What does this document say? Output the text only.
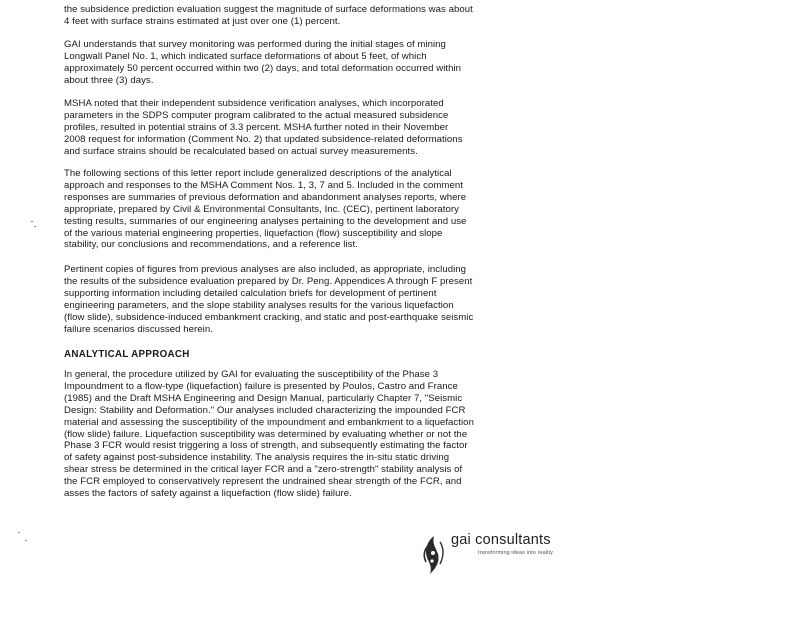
the subsidence prediction evaluation suggest the magnitude of surface deformations was about
4 feet with surface strains estimated at just over one (1) percent.
GAI understands that survey monitoring was performed during the initial stages of mining
Longwall Panel No. 1, which indicated surface deformations of about 5 feet, of which
approximately 50 percent occurred within two (2) days, and total deformation occurred within
about three (3) days.
MSHA noted that their independent subsidence verification analyses, which incorporated
parameters in the SDPS computer program calibrated to the actual measured subsidence
profiles, resulted in potential strains of 3.3 percent. MSHA further noted in their November
2008 request for information (Comment No. 2) that updated subsidence-related deformations
and surface strains should be recalculated based on actual survey measurements.
The following sections of this letter report include generalized descriptions of the analytical
approach and responses to the MSHA Comment Nos. 1, 3, 7 and 5. Included in the comment
responses are summaries of previous deformation and abandonment analyses reports, where
appropriate, prepared by Civil & Environmental Consultants, Inc. (CEC), pertinent laboratory
testing results, summaries of our engineering analyses pertaining to the development and use
of the various material engineering properties, liquefaction (flow) susceptibility and slope
stability, our conclusions and recommendations, and a reference list.
Pertinent copies of figures from previous analyses are also included, as appropriate, including
the results of the subsidence evaluation prepared by Dr. Peng. Appendices A through F present
supporting information including detailed calculation briefs for development of pertinent
engineering parameters, and the slope stability analyses results for the various liquefaction
(flow slide), subsidence-induced embankment cracking, and static and post-earthquake seismic
failure scenarios discussed herein.
ANALYTICAL APPROACH
In general, the procedure utilized by GAI for evaluating the susceptibility of the Phase 3
Impoundment to a flow-type (liquefaction) failure is presented by Poulos, Castro and France
(1985) and the Draft MSHA Engineering and Design Manual, particularly Chapter 7, "Seismic
Design: Stability and Deformation." Our analyses included characterizing the impounded FCR
material and assessing the susceptibility of the impoundment and embankment to a liquefaction
(flow slide) failure. Liquefaction susceptibility was determined by evaluating whether or not the
Phase 3 FCR would resist triggering a loss of strength, and subsequently estimating the factor
of safety against post-subsidence instability. The analysis requires the in-situ static driving
shear stress be determined in the critical layer FCR and a "zero-strength" stability analysis of
the FCR employed to conservatively represent the undrained shear strength of the FCR, and
asses the factors of safety against a liquefaction (flow slide) failure.
gai consultants
transforming ideas into reality
